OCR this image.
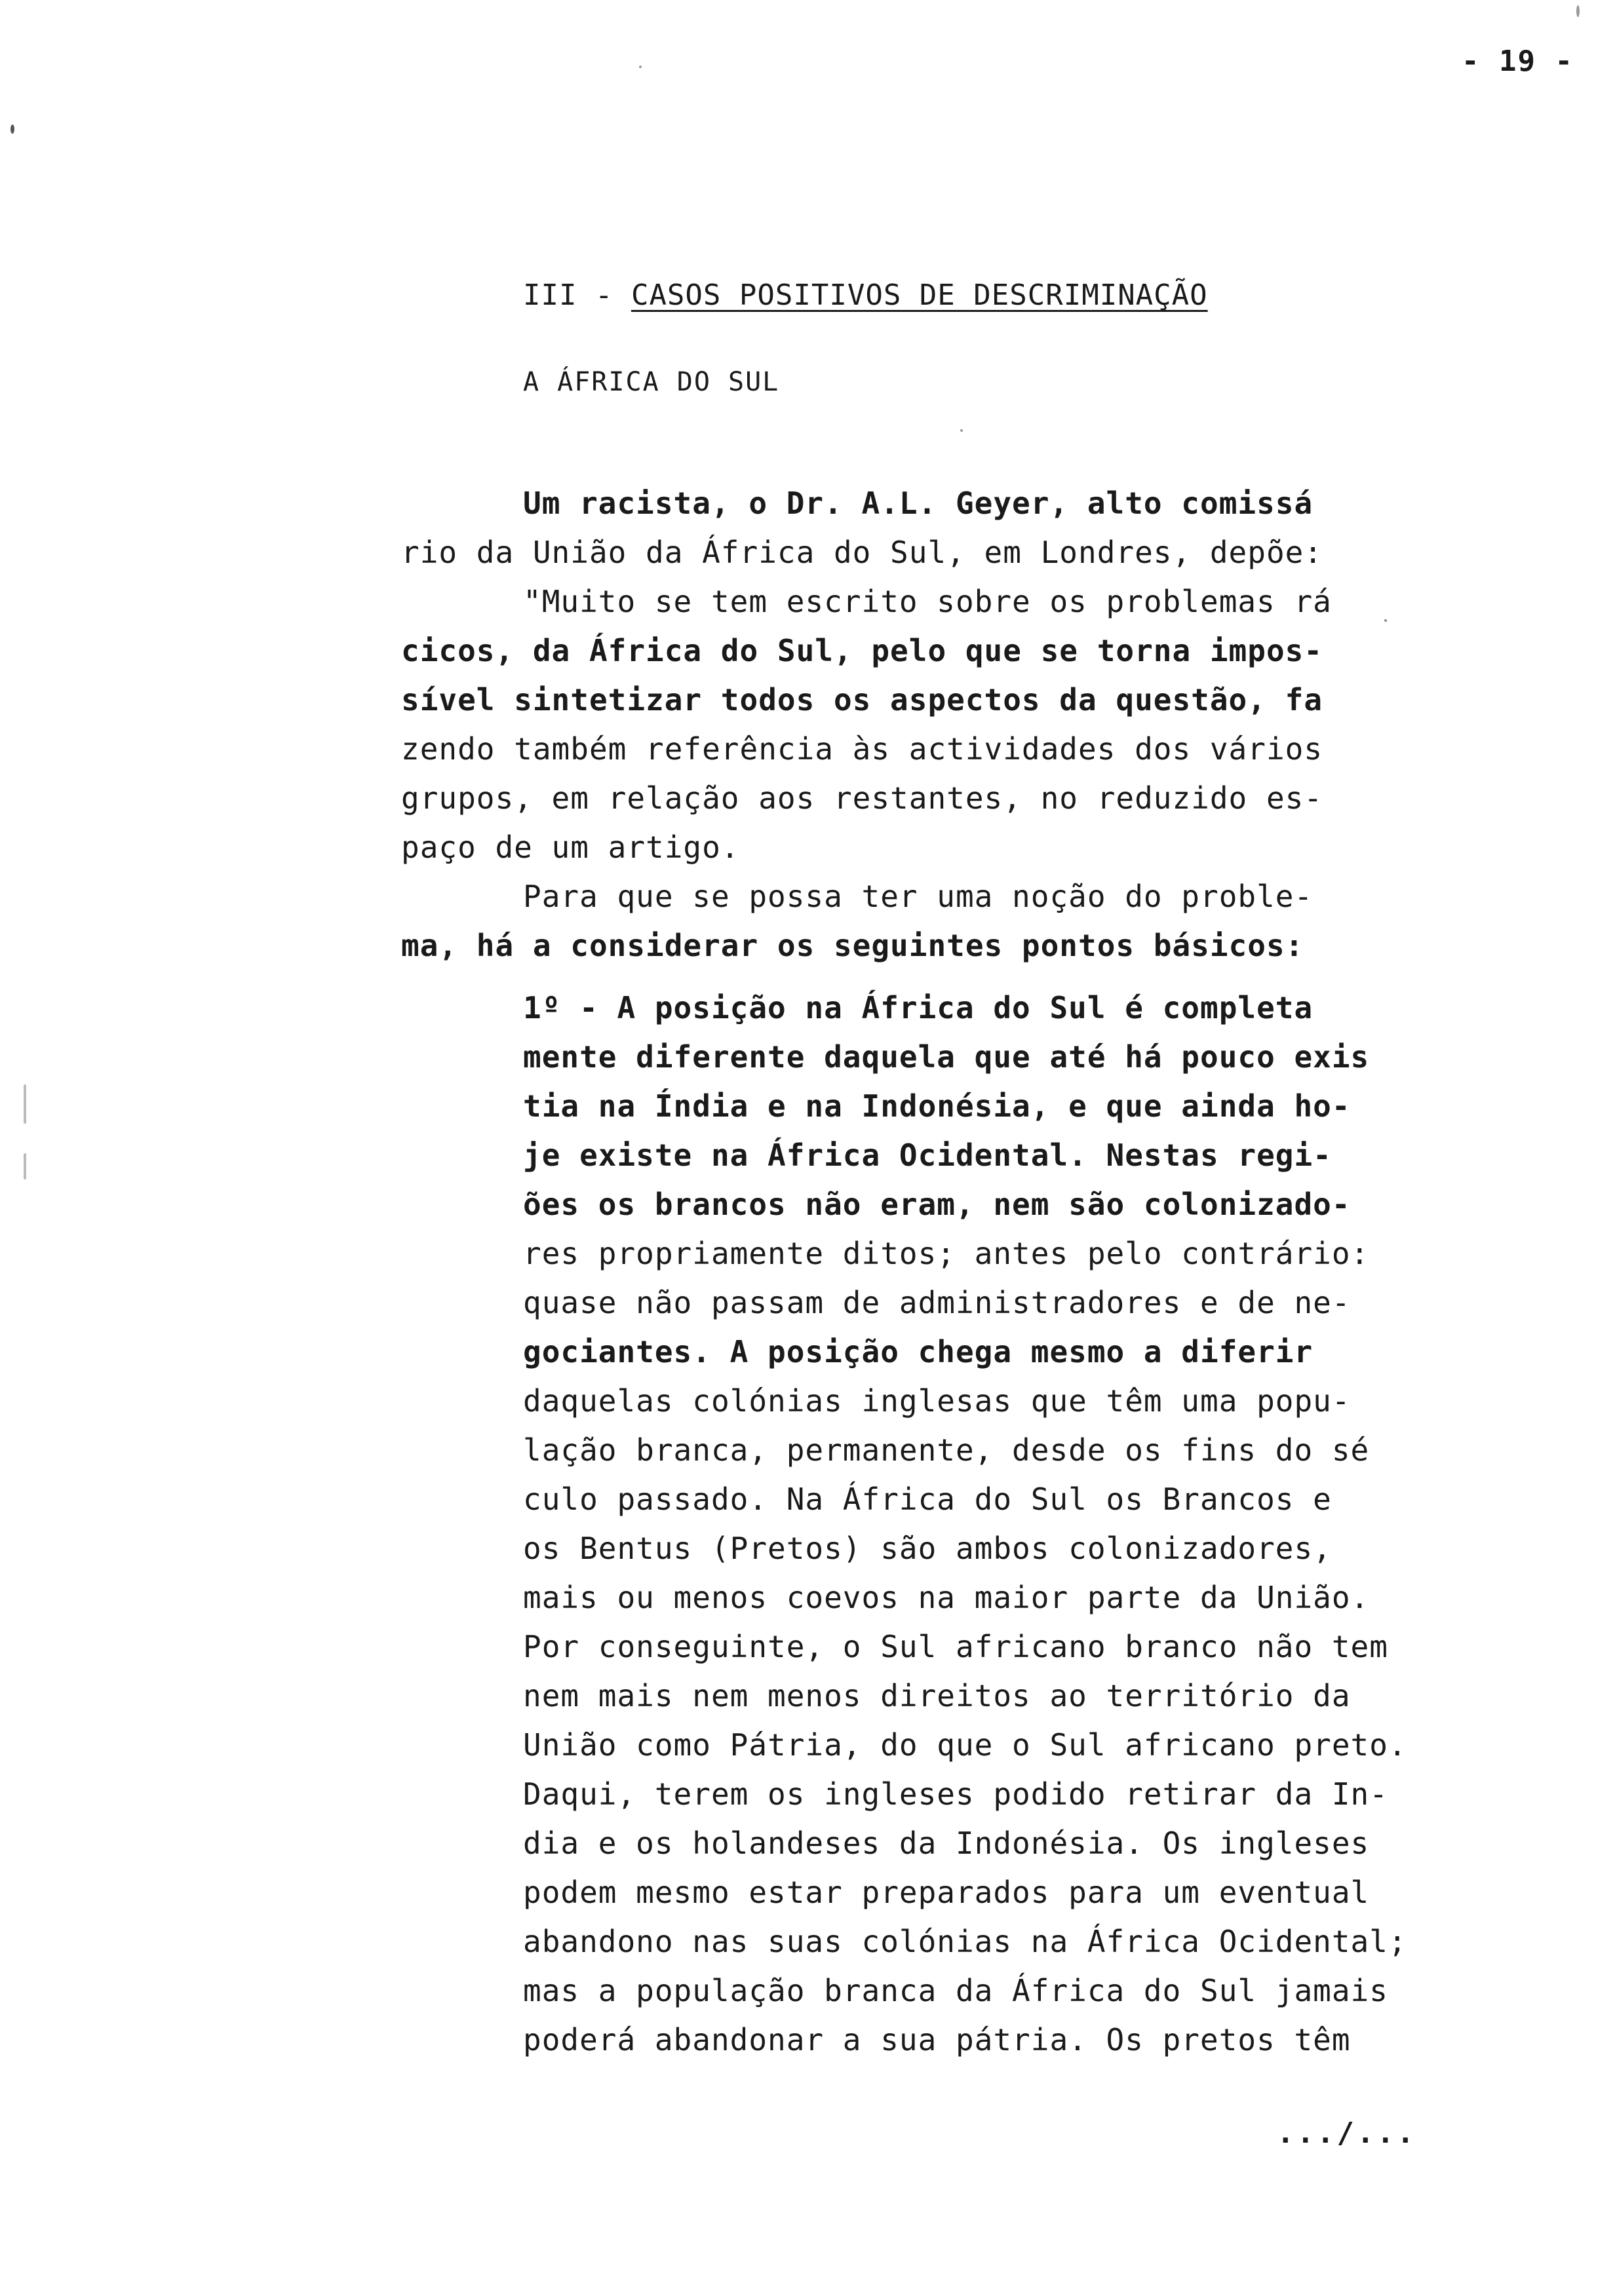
- 19 -
III - CASOS POSITIVOS DE DESCRIMINAÇÃO
A ÁFRICA DO SUL
Um racista, o Dr. A.L. Geyer, alto comissá
rio da União da África do Sul, em Londres, depõe:
"Muito se tem escrito sobre os problemas rá
cicos, da África do Sul, pelo que se torna impos-
sível sintetizar todos os aspectos da questão, fa
zendo também referência às actividades dos vários
grupos, em relação aos restantes, no reduzido es-
paço de um artigo.
Para que se possa ter uma noção do proble-
ma, há a considerar os seguintes pontos básicos:
1º - A posição na África do Sul é completa
mente diferente daquela que até há pouco exis
tia na Índia e na Indonésia, e que ainda ho-
je existe na África Ocidental. Nestas regi-
ões os brancos não eram, nem são colonizado-
res propriamente ditos; antes pelo contrário:
quase não passam de administradores e de ne-
gociantes. A posição chega mesmo a diferir
daquelas colónias inglesas que têm uma popu-
lação branca, permanente, desde os fins do sé
culo passado. Na África do Sul os Brancos e
os Bentus (Pretos) são ambos colonizadores,
mais ou menos coevos na maior parte da União.
Por conseguinte, o Sul africano branco não tem
nem mais nem menos direitos ao território da
União como Pátria, do que o Sul africano preto.
Daqui, terem os ingleses podido retirar da In-
dia e os holandeses da Indonésia. Os ingleses
podem mesmo estar preparados para um eventual
abandono nas suas colónias na África Ocidental;
mas a população branca da África do Sul jamais
poderá abandonar a sua pátria. Os pretos têm
.../...
